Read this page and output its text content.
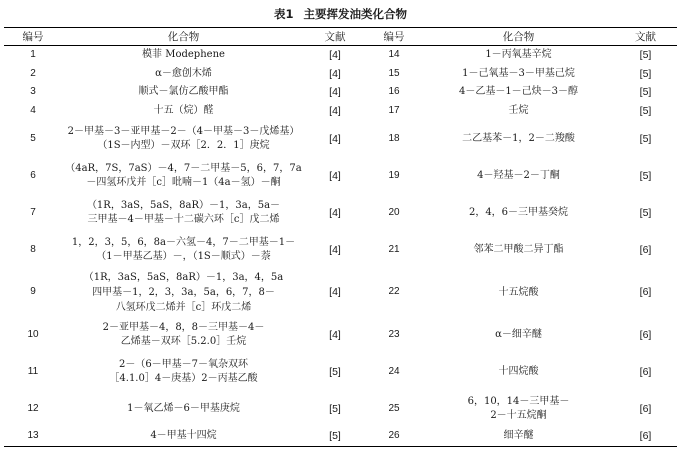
表1 主要挥发油类化合物
编号	化合物	文献	编号	化合物	文献
1	模菲 Modephene	[4]	14	1－丙氧基辛烷	[5]
2	α－愈创木烯	[4]	15	1－己氧基－3－甲基己烷	[5]
3	顺式－氯仿乙酸甲酯	[4]	16	4－乙基－1－己炔－3－醇	[5]
4	十五（烷）醛	[4]	17	壬烷	[5]
5	2－甲基－3－亚甲基－2－（4－甲基－3－戊烯基）
（1S－内型）－双环［2．2．1］庚烷	[4]	18	二乙基苯－1，2－二羧酸	[5]
6	（4aR，7S，7aS）－4，7－二甲基－5，6，7，7a
－四氢环戊并［c］吡喃－1（4a－氢）－酮	[4]	19	4－羟基－2－丁酮	[5]
7	（1R，3aS，5aS，8aR）－1，3a，5a－
三甲基－4－甲基－十二碳六环［c］戊二烯	[4]	20	2，4，6－三甲基癸烷	[5]
8	1，2，3，5，6，8a－六氢－4，7－二甲基－1－
（1－甲基乙基）－，（1S－顺式）－萘	[4]	21	邻苯二甲酸二异丁酯	[6]
9	（1R，3aS，5aS，8aR）－1，3a，4，5a
四甲基－1，2，3，3a，5a，6，7，8－
八氢环戊二烯并［c］环戊二烯	[4]	22	十五烷酸	[6]
10	2－亚甲基－4，8，8－三甲基－4－
乙烯基－双环［5.2.0］壬烷	[4]	23	α－细辛醚	[6]
11	2－（6－甲基－7－氧杂双环
［4.1.0］4－庚基）2－丙基乙酸	[5]	24	十四烷酸	[6]
12	1－氧乙烯－6－甲基庚烷	[5]	25	6，10，14－三甲基－
2－十五烷酮	[6]
13	4－甲基十四烷	[5]	26	细辛醚	[6]
